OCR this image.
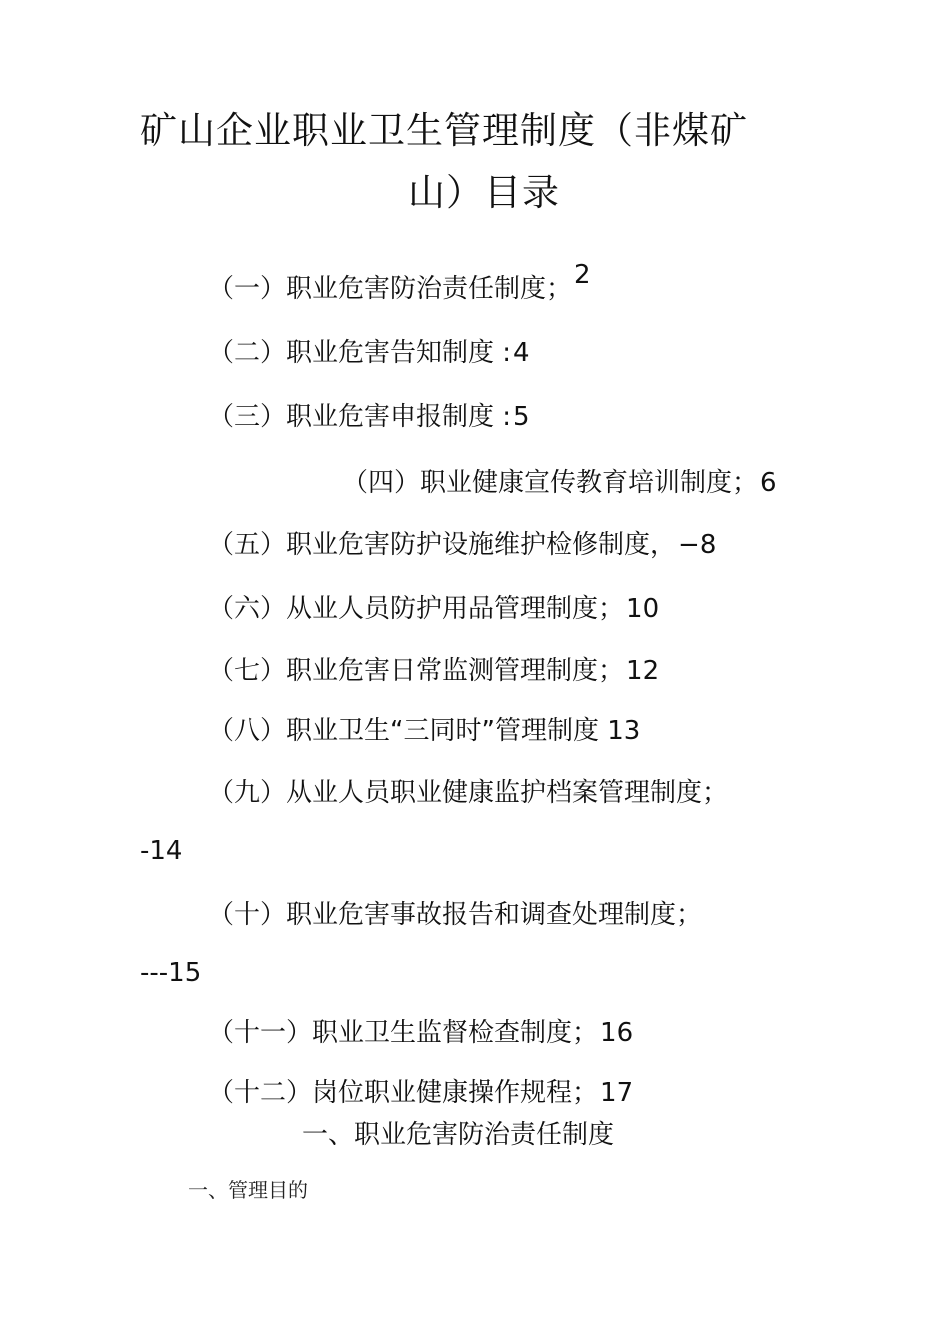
矿山企业职业卫生管理制度（非煤矿
山）目录
（一）职业危害防治责任制度；2
（二）职业危害告知制度 :4
（三）职业危害申报制度 :5
（四）职业健康宣传教育培训制度；6
（五）职业危害防护设施维护检修制度，−8
（六）从业人员防护用品管理制度；10
（七）职业危害日常监测管理制度；12
（八）职业卫生“三同时”管理制度 13
（九）从业人员职业健康监护档案管理制度；
-14
（十）职业危害事故报告和调查处理制度；
---15
（十一）职业卫生监督检查制度；16
（十二）岗位职业健康操作规程；17
一、职业危害防治责任制度
一、管理目的
